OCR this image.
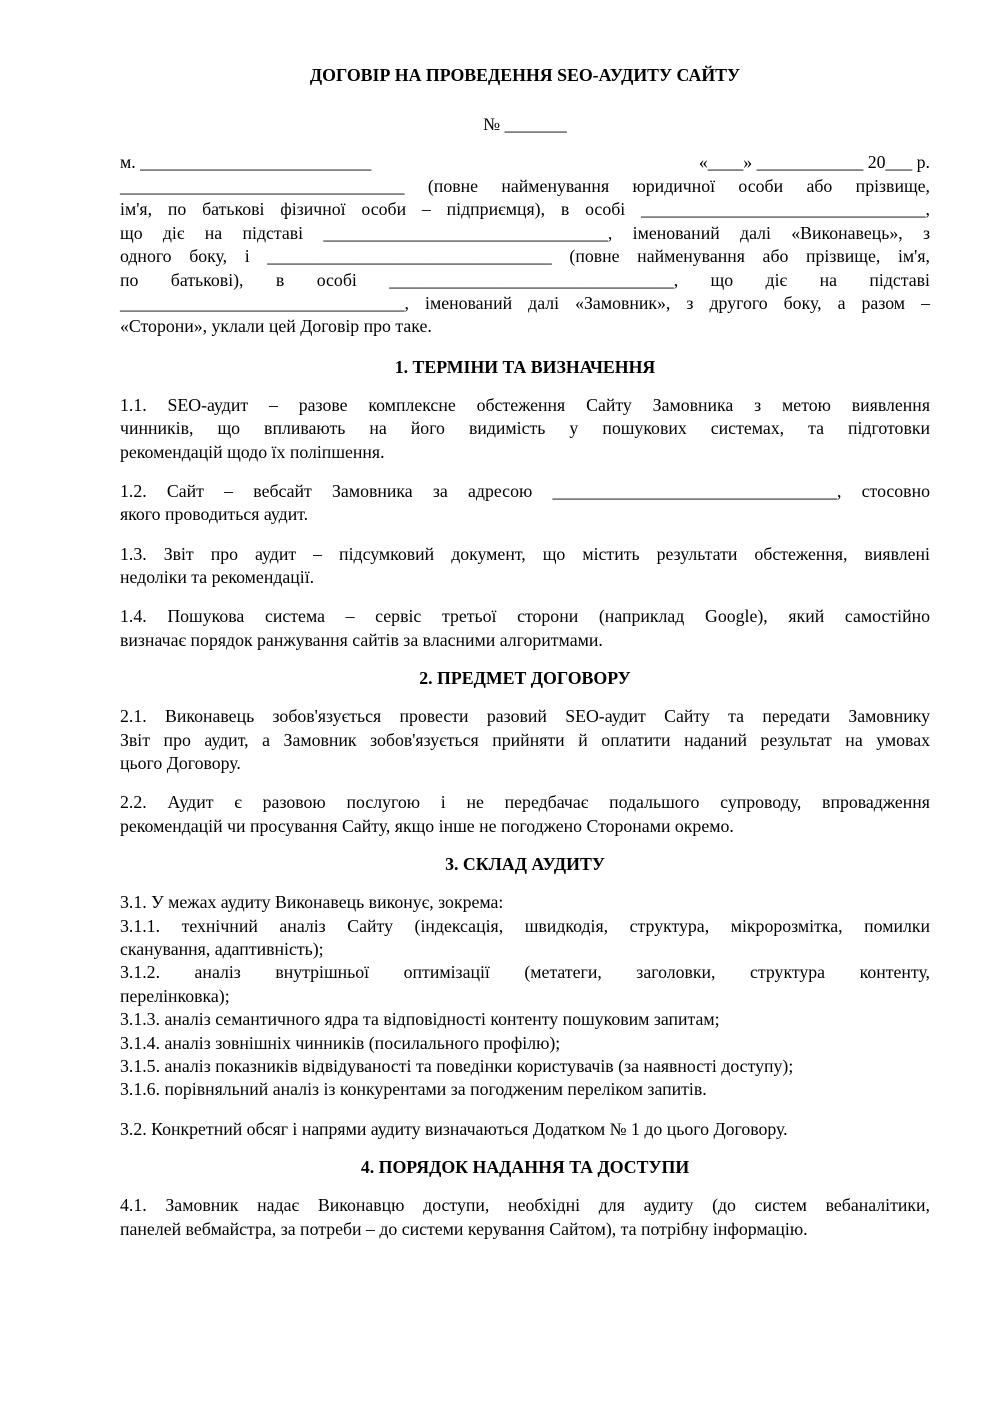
ДОГОВІР НА ПРОВЕДЕННЯ SEO-АУДИТУ САЙТУ
№ _______
м. __________________________	«____» ____________ 20___ р.
________________________________ (повне найменування юридичної особи або прізвище,
ім'я, по батькові фізичної особи – підприємця), в особі ________________________________,
що діє на підставі ________________________________, іменований далі «Виконавець», з
одного боку, і ________________________________ (повне найменування або прізвище, ім'я,
по батькові), в особі ________________________________, що діє на підставі
________________________________, іменований далі «Замовник», з другого боку, а разом –
«Сторони», уклали цей Договір про таке.
1. ТЕРМІНИ ТА ВИЗНАЧЕННЯ
1.1. SEO-аудит – разове комплексне обстеження Сайту Замовника з метою виявлення
чинників, що впливають на його видимість у пошукових системах, та підготовки
рекомендацій щодо їх поліпшення.
1.2. Сайт – вебсайт Замовника за адресою ________________________________, стосовно
якого проводиться аудит.
1.3. Звіт про аудит – підсумковий документ, що містить результати обстеження, виявлені
недоліки та рекомендації.
1.4. Пошукова система – сервіс третьої сторони (наприклад Google), який самостійно
визначає порядок ранжування сайтів за власними алгоритмами.
2. ПРЕДМЕТ ДОГОВОРУ
2.1. Виконавець зобов'язується провести разовий SEO-аудит Сайту та передати Замовнику
Звіт про аудит, а Замовник зобов'язується прийняти й оплатити наданий результат на умовах
цього Договору.
2.2. Аудит є разовою послугою і не передбачає подальшого супроводу, впровадження
рекомендацій чи просування Сайту, якщо інше не погоджено Сторонами окремо.
3. СКЛАД АУДИТУ
3.1. У межах аудиту Виконавець виконує, зокрема:
3.1.1. технічний аналіз Сайту (індексація, швидкодія, структура, мікророзмітка, помилки
сканування, адаптивність);
3.1.2. аналіз внутрішньої оптимізації (метатеги, заголовки, структура контенту,
перелінковка);
3.1.3. аналіз семантичного ядра та відповідності контенту пошуковим запитам;
3.1.4. аналіз зовнішніх чинників (посилального профілю);
3.1.5. аналіз показників відвідуваності та поведінки користувачів (за наявності доступу);
3.1.6. порівняльний аналіз із конкурентами за погодженим переліком запитів.
3.2. Конкретний обсяг і напрями аудиту визначаються Додатком № 1 до цього Договору.
4. ПОРЯДОК НАДАННЯ ТА ДОСТУПИ
4.1. Замовник надає Виконавцю доступи, необхідні для аудиту (до систем вебаналітики,
панелей вебмайстра, за потреби – до системи керування Сайтом), та потрібну інформацію.
